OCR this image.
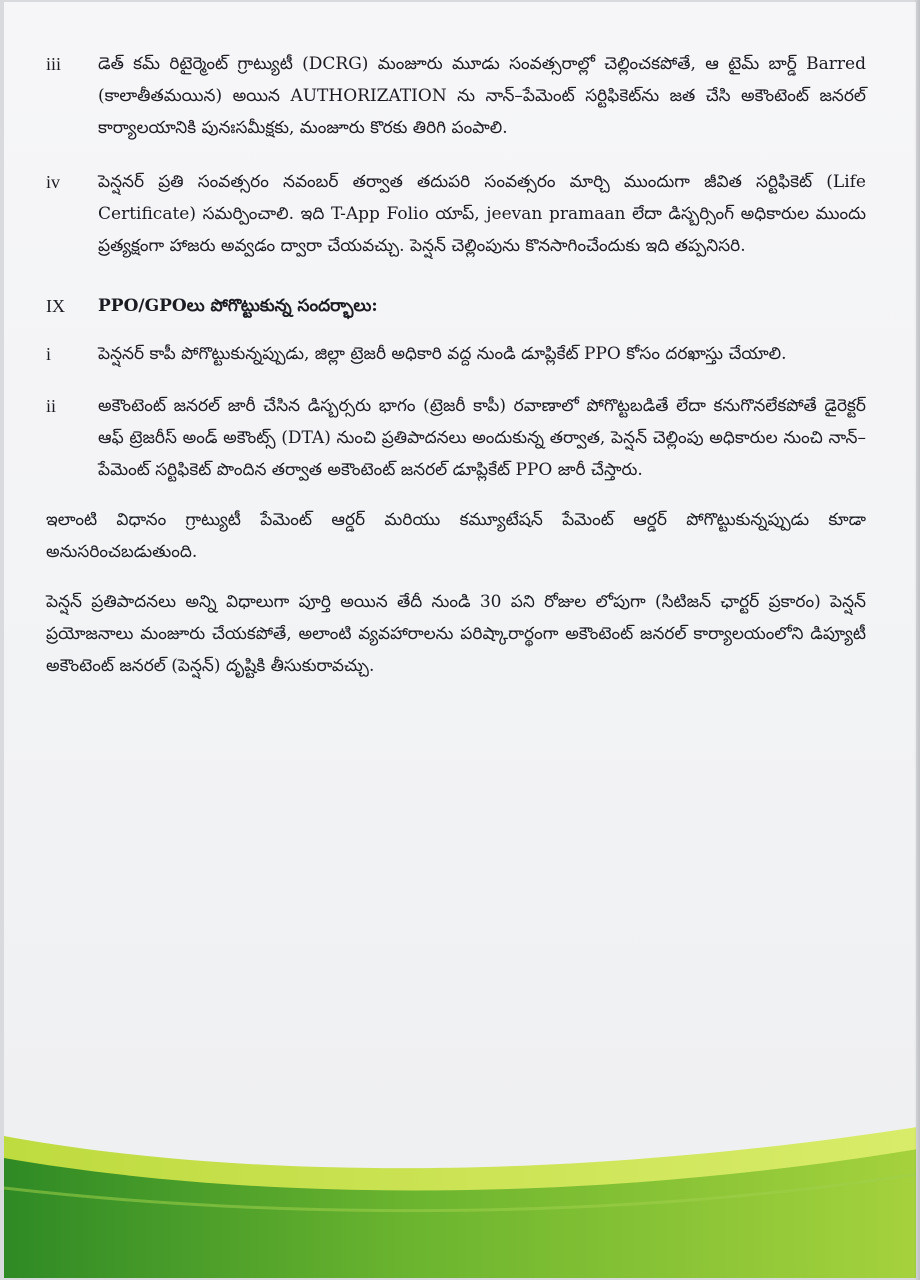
iii	డెత్ కమ్ రిటైర్మెంట్ గ్రాట్యుటీ (DCRG) మంజూరు మూడు సంవత్సరాల్లో చెల్లించకపోతే, ఆ టైమ్ బార్డ్ Barred (కాలాతీతమయిన) అయిన AUTHORIZATION ను నాన్–పేమెంట్ సర్టిఫికెట్‌ను జత చేసి అకౌంటెంట్ జనరల్ కార్యాలయానికి పునఃసమీక్షకు, మంజూరు కొరకు తిరిగి పంపాలి.
iv	పెన్షనర్ ప్రతి సంవత్సరం నవంబర్ తర్వాత తదుపరి సంవత్సరం మార్చి ముందుగా జీవిత సర్టిఫికెట్ (Life Certificate) సమర్పించాలి. ఇది T-App Folio యాప్, jeevan pramaan లేదా డిస్బర్సింగ్ అధికారుల ముందు ప్రత్యక్షంగా హాజరు అవ్వడం ద్వారా చేయవచ్చు. పెన్షన్ చెల్లింపును కొనసాగించేందుకు ఇది తప్పనిసరి.
IX	PPO/GPOలు పోగొట్టుకున్న సందర్భాలు:
i	పెన్షనర్ కాపీ పోగొట్టుకున్నప్పుడు, జిల్లా ట్రెజరీ అధికారి వద్ద నుండి డూప్లికేట్ PPO కోసం దరఖాస్తు చేయాలి.
ii	అకౌంటెంట్ జనరల్ జారీ చేసిన డిస్బర్సరు భాగం (ట్రెజరీ కాపీ) రవాణాలో పోగొట్టబడితే లేదా కనుగొనలేకపోతే డైరెక్టర్ ఆఫ్ ట్రెజరీస్ అండ్ అకౌంట్స్ (DTA) నుంచి ప్రతిపాదనలు అందుకున్న తర్వాత, పెన్షన్ చెల్లింపు అధికారుల నుంచి నాన్–పేమెంట్ సర్టిఫికెట్ పొందిన తర్వాత అకౌంటెంట్ జనరల్ డూప్లికేట్ PPO జారీ చేస్తారు.
ఇలాంటి విధానం గ్రాట్యుటీ పేమెంట్ ఆర్డర్ మరియు కమ్యూటేషన్ పేమెంట్ ఆర్డర్ పోగొట్టుకున్నప్పుడు కూడా అనుసరించబడుతుంది.
పెన్షన్ ప్రతిపాదనలు అన్ని విధాలుగా పూర్తి అయిన తేదీ నుండి 30 పని రోజుల లోపుగా (సిటిజన్ ఛార్టర్ ప్రకారం) పెన్షన్ ప్రయోజనాలు మంజూరు చేయకపోతే, అలాంటి వ్యవహారాలను పరిష్కారార్థంగా అకౌంటెంట్ జనరల్ కార్యాలయంలోని డిప్యూటీ అకౌంటెంట్ జనరల్ (పెన్షన్) దృష్టికి తీసుకురావచ్చు.
